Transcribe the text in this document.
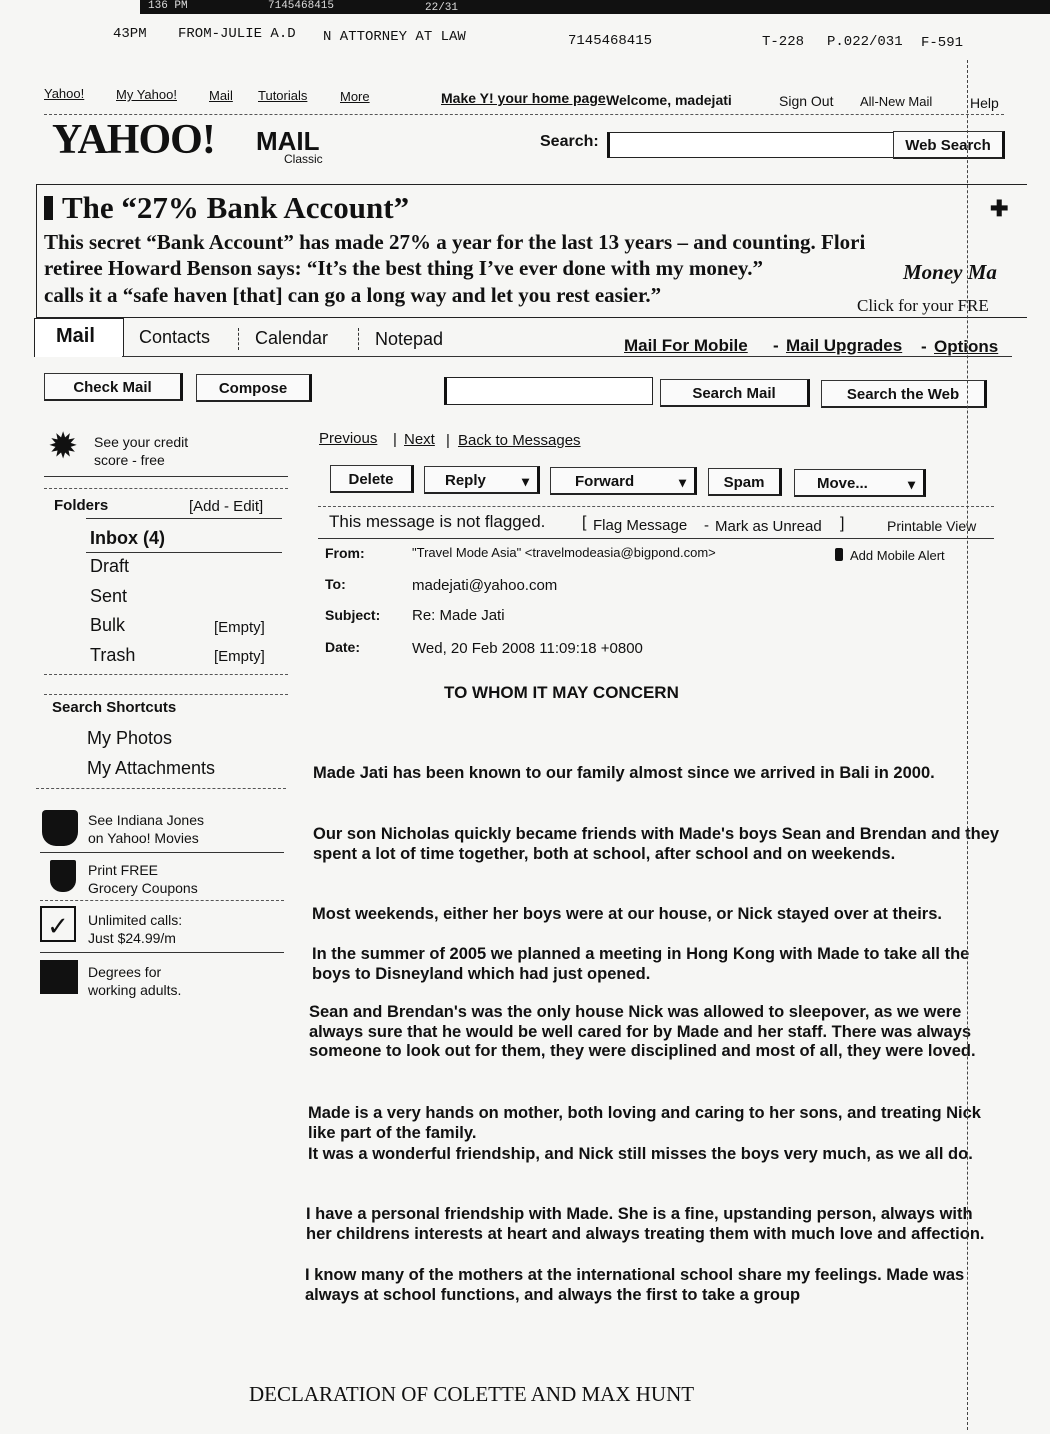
136 PM	7145468415	22/31
43PM FROM-JULIE A.D N ATTORNEY AT LAW	7145468415	T-228 P.022/031 F-591
Yahoo! My Yahoo! Mail Tutorials	More	Make Y! your home page Welcome, madejati	Sign Out All-New Mail	Help
YAHOO! MAIL
Classic
Search:	Web Search
The “27% Bank Account”	✚
This secret “Bank Account” has made 27% a year for the last 13 years – and counting. Flori
retiree Howard Benson says: “It’s the best thing I’ve ever done with my money.”	Money Ma
calls it a “safe haven [that] can go a long way and let you rest easier.”	Click for your FRE
Mail Contacts Calendar	Notepad	Mail For Mobile - Mail Upgrades - Options
Check Mail	Compose	Search Mail	Search the Web
✹ See your credit
score - free
Folders	[Add - Edit]
Inbox (4)
Draft
Sent
Bulk	[Empty]
Trash	[Empty]
Search Shortcuts
My Photos
My Attachments
See Indiana Jones
on Yahoo! Movies
Print FREE
Grocery Coupons
✓	Unlimited calls:
Just $24.99/m
Degrees for
working adults.
Previous | Next | Back to Messages
Delete	Reply ▾	Forward ▾	Spam	Move... ▾
This message is not flagged. [ Flag Message - Mark as Unread ]	Printable View
From:	"Travel Mode Asia" <travelmodeasia@bigpond.com>	Add Mobile Alert
To:	madejati@yahoo.com
Subject: Re: Made Jati
Date:	Wed, 20 Feb 2008 11:09:18 +0800
TO WHOM IT MAY CONCERN
Made Jati has been known to our family almost since we arrived in Bali in 2000.
Our son Nicholas quickly became friends with Made's boys Sean and Brendan and they spent a lot of time together, both at school, after school and on weekends.
Most weekends, either her boys were at our house, or Nick stayed over at theirs.
In the summer of 2005 we planned a meeting in Hong Kong with Made to take all the boys to Disneyland which had just opened.
Sean and Brendan's was the only house Nick was allowed to sleepover, as we were always sure that he would be well cared for by Made and her staff. There was always someone to look out for them, they were disciplined and most of all, they were loved.
Made is a very hands on mother, both loving and caring to her sons, and treating Nick like part of the family.
It was a wonderful friendship, and Nick still misses the boys very much, as we all do.
I have a personal friendship with Made. She is a fine, upstanding person, always with her childrens interests at heart and always treating them with much love and affection.
I know many of the mothers at the international school share my feelings. Made was always at school functions, and always the first to take a group
DECLARATION OF COLETTE AND MAX HUNT
